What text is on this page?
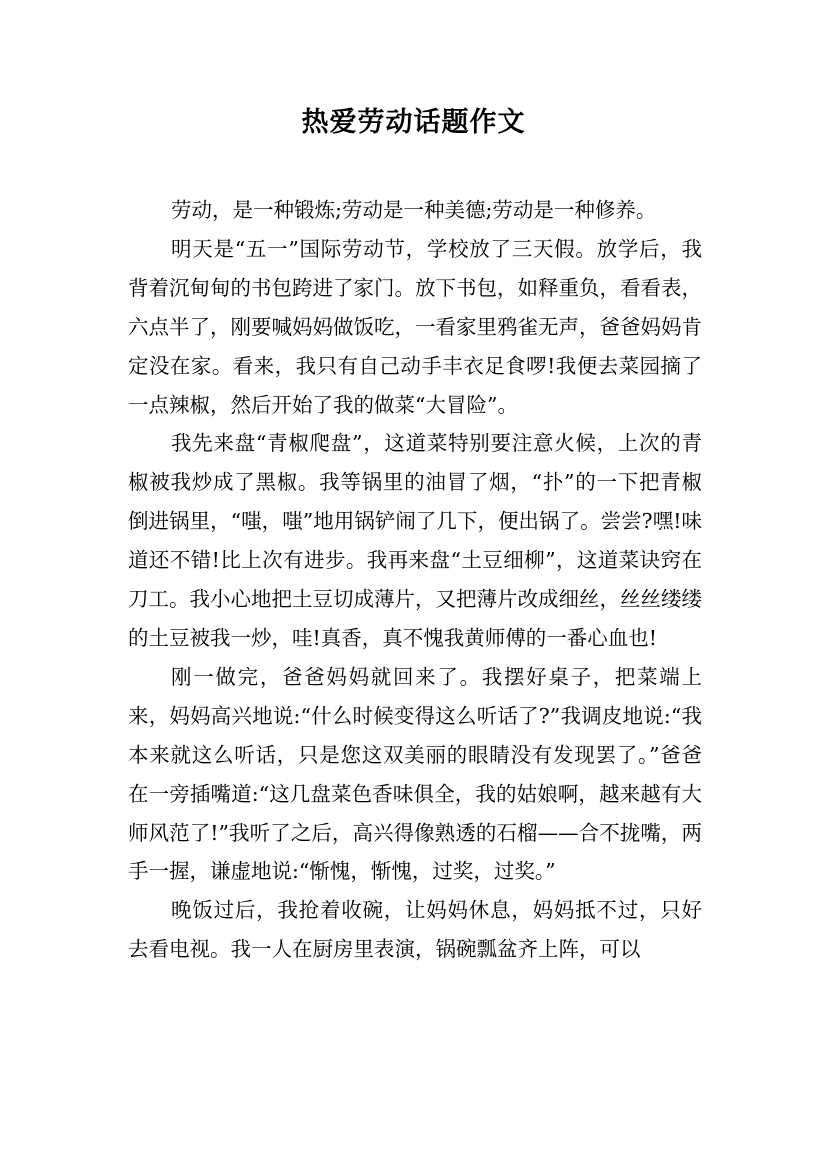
热爱劳动话题作文

劳动，是一种锻炼;劳动是一种美德;劳动是一种修养。

明天是“五一”国际劳动节，学校放了三天假。放学后，我背着沉甸甸的书包跨进了家门。放下书包，如释重负，看看表，六点半了，刚要喊妈妈做饭吃，一看家里鸦雀无声，爸爸妈妈肯定没在家。看来，我只有自己动手丰衣足食啰!我便去菜园摘了一点辣椒，然后开始了我的做菜“大冒险”。

我先来盘“青椒爬盘”，这道菜特别要注意火候，上次的青椒被我炒成了黑椒。我等锅里的油冒了烟，“扑”的一下把青椒倒进锅里，“嗤，嗤”地用锅铲闹了几下，便出锅了。尝尝?嘿!味道还不错!比上次有进步。我再来盘“土豆细柳”，这道菜诀窍在刀工。我小心地把土豆切成薄片，又把薄片改成细丝，丝丝缕缕的土豆被我一炒，哇!真香，真不愧我黄师傅的一番心血也!

刚一做完，爸爸妈妈就回来了。我摆好桌子，把菜端上来，妈妈高兴地说:“什么时候变得这么听话了?”我调皮地说:“我本来就这么听话，只是您这双美丽的眼睛没有发现罢了。”爸爸在一旁插嘴道:“这几盘菜色香味俱全，我的姑娘啊，越来越有大师风范了!”我听了之后，高兴得像熟透的石榴——合不拢嘴，两手一握，谦虚地说:“惭愧，惭愧，过奖，过奖。”

晚饭过后，我抢着收碗，让妈妈休息，妈妈抵不过，只好去看电视。我一人在厨房里表演，锅碗瓢盆齐上阵，可以
